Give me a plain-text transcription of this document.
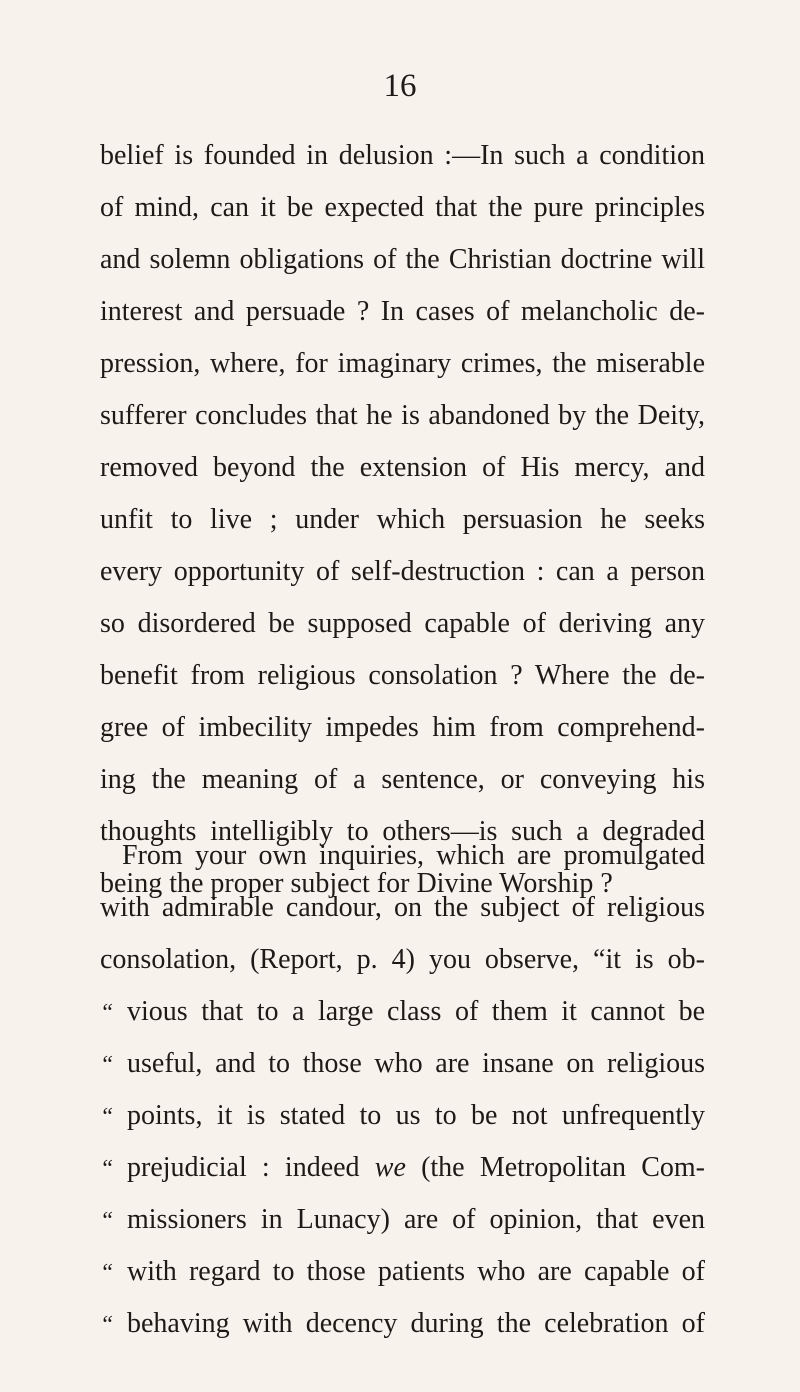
16
belief is founded in delusion :—In such a condition
of mind, can it be expected that the pure principles
and solemn obligations of the Christian doctrine will
interest and persuade ? In cases of melancholic de-
pression, where, for imaginary crimes, the miserable
sufferer concludes that he is abandoned by the Deity,
removed beyond the extension of His mercy, and
unfit to live ; under which persuasion he seeks
every opportunity of self-destruction : can a person
so disordered be supposed capable of deriving any
benefit from religious consolation ? Where the de-
gree of imbecility impedes him from comprehend-
ing the meaning of a sentence, or conveying his
thoughts intelligibly to others—is such a degraded
being the proper subject for Divine Worship ?
From your own inquiries, which are promulgated
with admirable candour, on the subject of religious
consolation, (Report, p. 4) you observe, “it is ob-
“ vious that to a large class of them it cannot be
“ useful, and to those who are insane on religious
“ points, it is stated to us to be not unfrequently
“ prejudicial : indeed we (the Metropolitan Com-
“ missioners in Lunacy) are of opinion, that even
“ with regard to those patients who are capable of
“ behaving with decency during the celebration of
